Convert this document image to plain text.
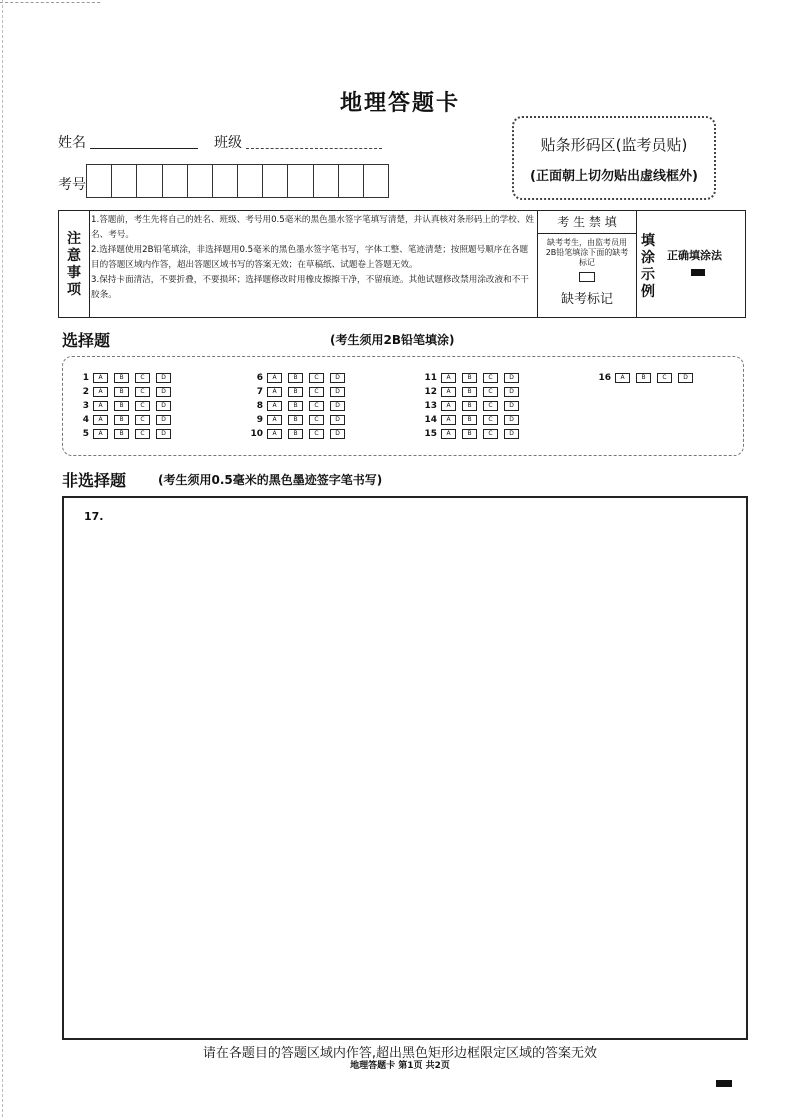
地理答题卡
姓名	班级
考号
贴条形码区(监考员贴)
(正面朝上切勿贴出虚线框外)
注
意
事
项

1.答题前，考生先将自己的姓名、班级、考号用0.5毫米的黑色墨水签字笔填写清楚，并认真核对条形码上的学校、姓名、考号。

2.选择题使用2B铅笔填涂，非选择题用0.5毫米的黑色墨水签字笔书写，字体工整、笔迹清楚；按照题号顺序在各题目的答题区域内作答，超出答题区域书写的答案无效；在草稿纸、试题卷上答题无效。

3.保持卡面清洁，不要折叠，不要损坏；选择题修改时用橡皮擦擦干净，不留痕迹。其他试题修改禁用涂改液和不干胶条。

考 生 禁 填
缺考考生，由监考员用2B铅笔填涂下面的缺考标记
缺考标记
填
涂
示
例
正确填涂法
选择题	(考生须用2B铅笔填涂)
1	A	B	C	D
2	A	B	C	D
3	A	B	C	D
4	A	B	C	D
5	A	B	C	D
6	A	B	C	D
7	A	B	C	D
8	A	B	C	D
9	A	B	C	D
10	A	B	C	D
11	A	B	C	D
12	A	B	C	D
13	A	B	C	D
14	A	B	C	D
15	A	B	C	D
16	A	B	C	D
非选择题	(考生须用0.5毫米的黑色墨迹签字笔书写)
17.
请在各题目的答题区域内作答,超出黑色矩形边框限定区域的答案无效
地理答题卡 第1页 共2页
